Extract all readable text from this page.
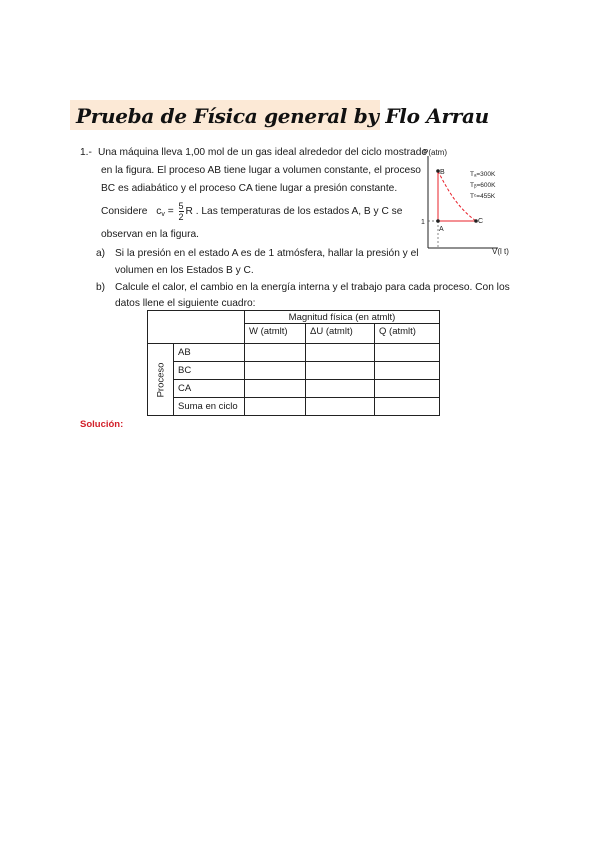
Prueba de Física general by Flo Arrau
1.- Una máquina lleva 1,00 mol de un gas ideal alrededor del ciclo mostrado
en la figura. El proceso AB tiene lugar a volumen constante, el proceso
BC es adiabático y el proceso CA tiene lugar a presión constante.
Considere $c_v = \frac{5}{2}$ R . Las temperaturas de los estados A, B y C se
observan en la figura.
a) Si la presión en el estado A es de 1 atmósfera, hallar la presión y el
volumen en los Estados B y C.
b) Calcule el calor, el cambio en la energía interna y el trabajo para cada proceso. Con los
datos llene el siguiente cuadro:
P(atm)
V(l t)
B
A
C
1
Tₐ=300K
Tᵦ=600K
Tᶜ=455K
		Magnitud física (en atmlt)		
		W (atmlt)	ΔU (atmlt)	Q (atmlt)

Proceso	AB			
	BC			
	CA			
	Suma en ciclo			
Solución:
